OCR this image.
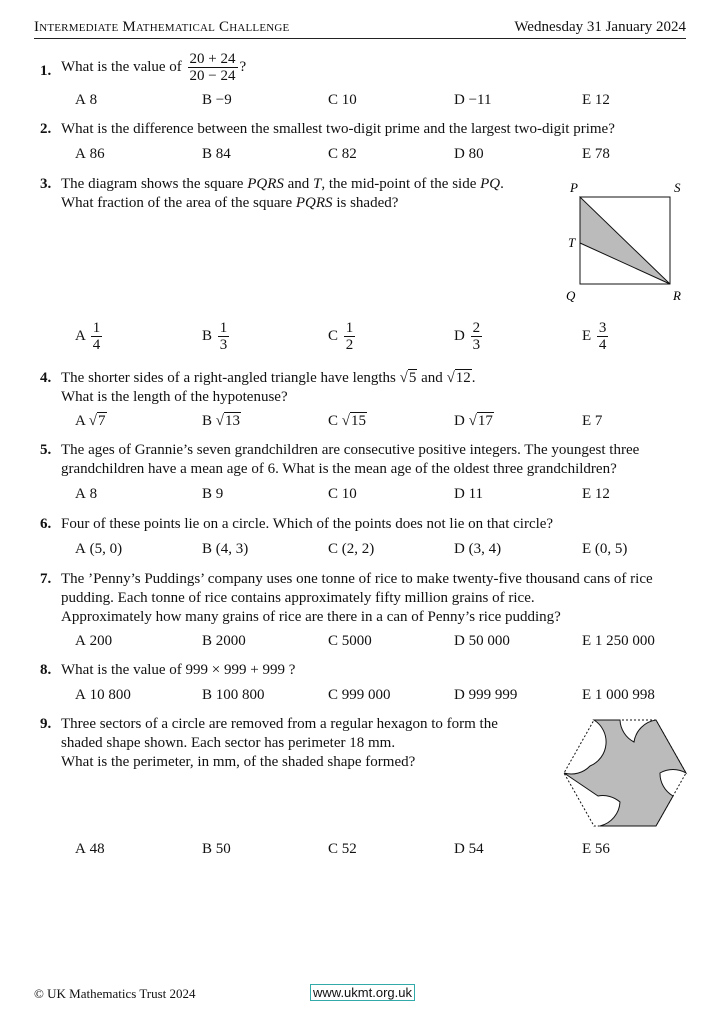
Intermediate Mathematical Challenge	Wednesday 31 January 2024
1. What is the value of $\frac{20 + 24}{20 - 24}$ ?
A 8	B −9	C 10	D −11	E 12
2. What is the difference between the smallest two-digit prime and the largest two-digit prime?
A 86	B 84	C 82	D 80	E 78
3. The diagram shows the square PQRS and T, the mid-point of the side PQ.
What fraction of the area of the square PQRS is shaded?
P	S
T
Q	R
A $\frac{1}{4}$	B $\frac{1}{3}$	C $\frac{1}{2}$	D $\frac{2}{3}$	E $\frac{3}{4}$
4. The shorter sides of a right-angled triangle have lengths √5 and √12.
What is the length of the hypotenuse?
A √7	B √13	C √15	D √17	E 7
5. The ages of Grannie’s seven grandchildren are consecutive positive integers. The youngest three
grandchildren have a mean age of 6. What is the mean age of the oldest three grandchildren?
A 8	B 9	C 10	D 11	E 12
6. Four of these points lie on a circle. Which of the points does not lie on that circle?
A (5, 0)	B (4, 3)	C (2, 2)	D (3, 4)	E (0, 5)
7. The ’Penny’s Puddings’ company uses one tonne of rice to make twenty-five thousand cans of rice
pudding. Each tonne of rice contains approximately fifty million grains of rice.
Approximately how many grains of rice are there in a can of Penny’s rice pudding?
A 200	B 2000	C 5000	D 50 000	E 1 250 000
8. What is the value of 999 × 999 + 999 ?
A 10 800	B 100 800	C 999 000	D 999 999	E 1 000 998
9. Three sectors of a circle are removed from a regular hexagon to form the
shaded shape shown. Each sector has perimeter 18 mm.
What is the perimeter, in mm, of the shaded shape formed?
A 48	B 50	C 52	D 54	E 56
© UK Mathematics Trust 2024	www.ukmt.org.uk
